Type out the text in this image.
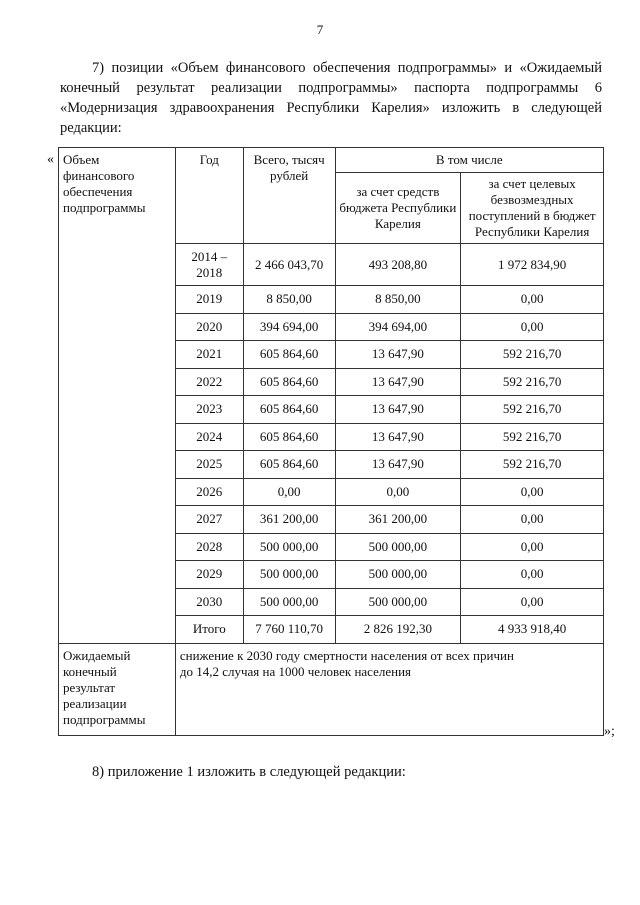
7

7) позиции «Объем финансового обеспечения подпрограммы» и «Ожидаемый конечный результат реализации подпрограммы» паспорта подпрограммы 6 «Модернизация здравоохранения Республики Карелия» изложить в следующей редакции:

« Объем финансового обеспечения подпрограммы	Год	Всего, тысяч рублей	В том числе	
			за счет средств бюджета Республики Карелия	за счет целевых безвозмездных поступлений в бюджет Республики Карелия
	2014 – 2018	2 466 043,70	493 208,80	1 972 834,90
	2019	8 850,00	8 850,00	0,00
	2020	394 694,00	394 694,00	0,00
	2021	605 864,60	13 647,90	592 216,70
	2022	605 864,60	13 647,90	592 216,70
	2023	605 864,60	13 647,90	592 216,70
	2024	605 864,60	13 647,90	592 216,70
	2025	605 864,60	13 647,90	592 216,70
	2026	0,00	0,00	0,00
	2027	361 200,00	361 200,00	0,00
	2028	500 000,00	500 000,00	0,00
	2029	500 000,00	500 000,00	0,00
	2030	500 000,00	500 000,00	0,00
	Итого	7 760 110,70	2 826 192,30	4 933 918,40
Ожидаемый конечный результат реализации подпрограммы	снижение к 2030 году смертности населения от всех причин
до 14,2 случая на 1000 человек населения			
»;
8) приложение 1 изложить в следующей редакции:
